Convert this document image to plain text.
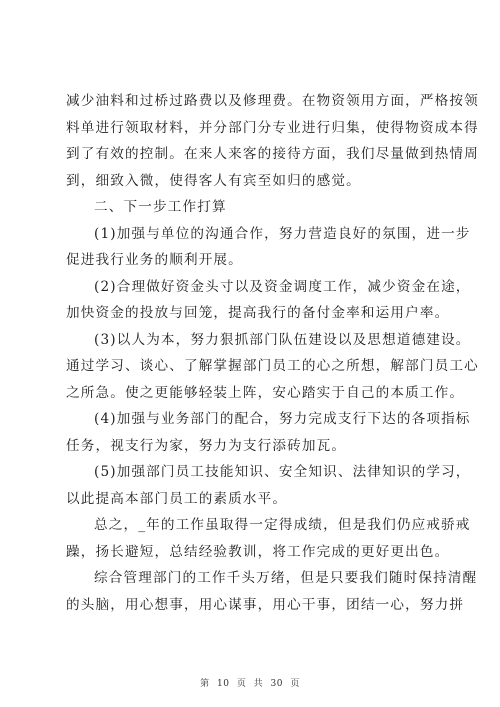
减少油料和过桥过路费以及修理费。在物资领用方面，严格按领
料单进行领取材料，并分部门分专业进行归集，使得物资成本得
到了有效的控制。在来人来客的接待方面，我们尽量做到热情周
到，细致入微，使得客人有宾至如归的感觉。
二、下一步工作打算
(1)加强与单位的沟通合作，努力营造良好的氛围，进一步
促进我行业务的顺利开展。
(2)合理做好资金头寸以及资金调度工作，减少资金在途，
加快资金的投放与回笼，提高我行的备付金率和运用户率。
(3)以人为本，努力狠抓部门队伍建设以及思想道德建设。
通过学习、谈心、了解掌握部门员工的心之所想，解部门员工心
之所急。使之更能够轻装上阵，安心踏实于自己的本质工作。
(4)加强与业务部门的配合，努力完成支行下达的各项指标
任务，视支行为家，努力为支行添砖加瓦。
(5)加强部门员工技能知识、安全知识、法律知识的学习，
以此提高本部门员工的素质水平。
总之，_年的工作虽取得一定得成绩，但是我们仍应戒骄戒
躁，扬长避短，总结经验教训，将工作完成的更好更出色。
综合管理部门的工作千头万绪，但是只要我们随时保持清醒
的头脑，用心想事，用心谋事，用心干事，团结一心，努力拼
第 10 页 共 30 页
